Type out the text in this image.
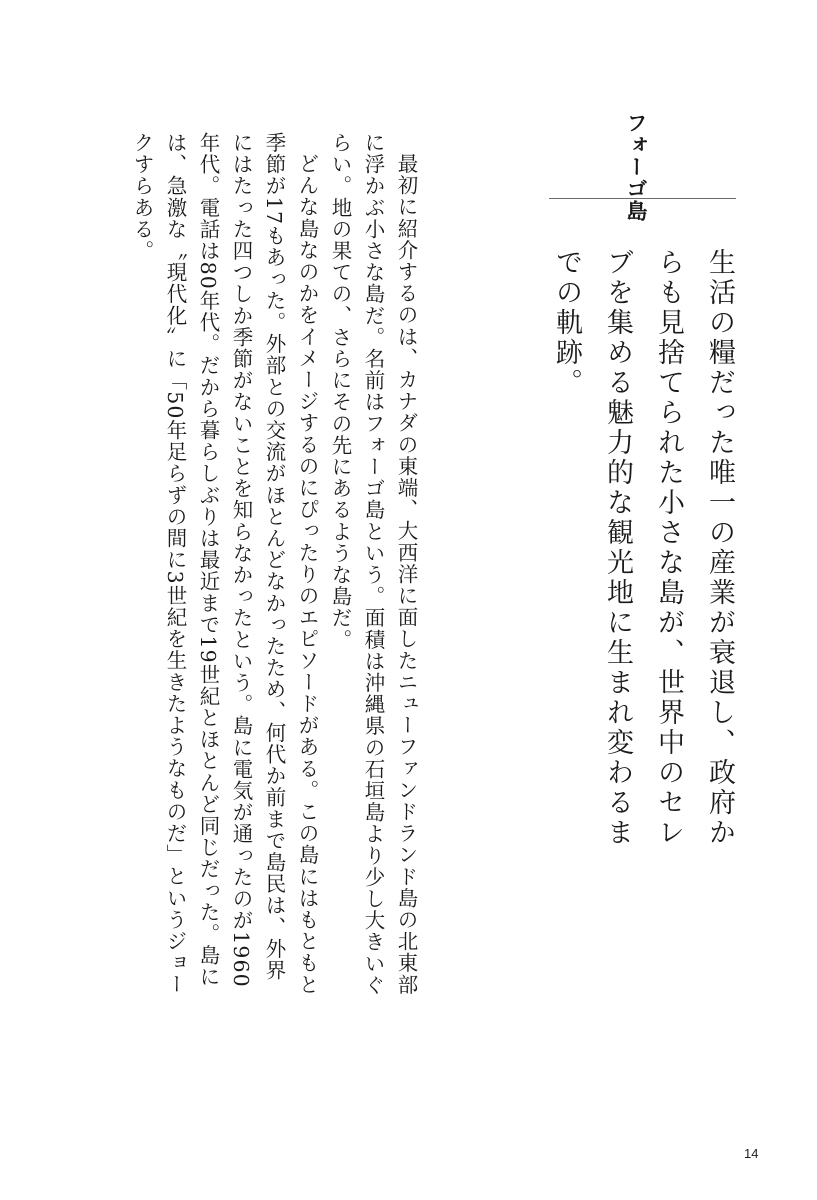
フォーゴ島
生活の糧だった唯一の産業が衰退し、政府からも見捨てられた小さな島が、世界中のセレブを集める魅力的な観光地に生まれ変わるまでの軌跡。

最初に紹介するのは、カナダの東端、大西洋に面したニューファンドランド島の北東部に浮かぶ小さな島だ。名前はフォーゴ島という。面積は沖縄県の石垣島より少し大きいぐらい。地の果ての、さらにその先にあるような島だ。

どんな島なのかをイメージするのにぴったりのエピソードがある。この島にはもともと季節が17もあった。外部との交流がほとんどなかったため、何代か前まで島民は、外界にはたった四つしか季節がないことを知らなかったという。島に電気が通ったのが1960年代。電話は80年代。だから暮らしぶりは最近まで19世紀とほとんど同じだった。島には、急激な〝現代化〟に「50年足らずの間に3世紀を生きたようなものだ」というジョークすらある。

14
